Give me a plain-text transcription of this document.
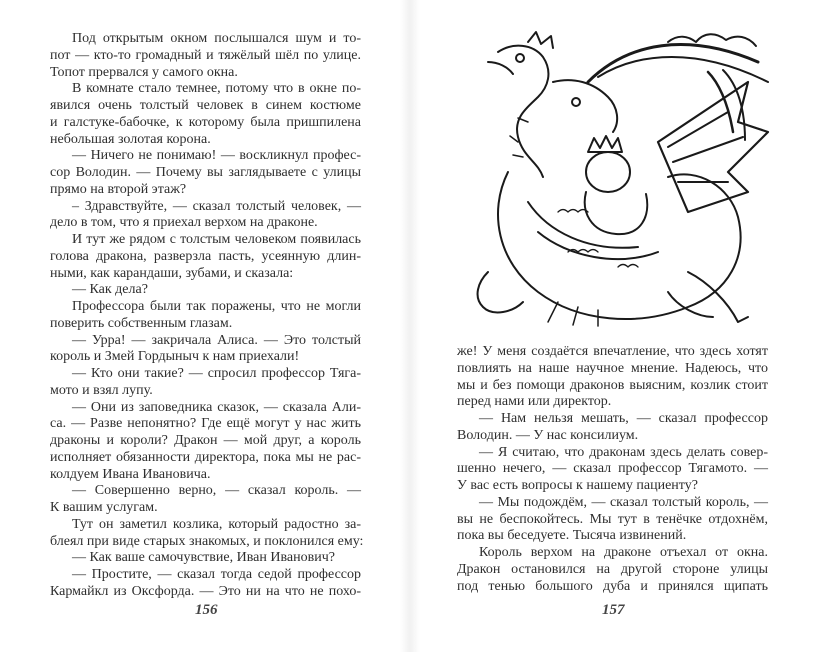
Под открытым окном послышался шум и то-
пот — кто-то громадный и тяжёлый шёл по улице.
Топот прервался у самого окна.
В комнате стало темнее, потому что в окне по-
явился очень толстый человек в синем костюме
и галстуке-бабочке, к которому была пришпилена
небольшая золотая корона.
— Ничего не понимаю! — воскликнул профес-
сор Володин. — Почему вы заглядываете с улицы
прямо на второй этаж?
– Здравствуйте, — сказал толстый человек, —
дело в том, что я приехал верхом на драконе.
И тут же рядом с толстым человеком появилась
голова дракона, разверзла пасть, усеянную длин-
ными, как карандаши, зубами, и сказала:
— Как дела?
Профессора были так поражены, что не могли
поверить собственным глазам.
— Урра! — закричала Алиса. — Это толстый
король и Змей Гордыныч к нам приехали!
— Кто они такие? — спросил профессор Тяга-
мото и взял лупу.
— Они из заповедника сказок, — сказала Али-
са. — Разве непонятно? Где ещё могут у нас жить
драконы и короли? Дракон — мой друг, а король
исполняет обязанности директора, пока мы не рас-
колдуем Ивана Ивановича.
— Совершенно верно, — сказал король. —
К вашим услугам.
Тут он заметил козлика, который радостно за-
блеял при виде старых знакомых, и поклонился ему:
— Как ваше самочувствие, Иван Иванович?
— Простите, — сказал тогда седой профессор
Кармайкл из Оксфорда. — Это ни на что не похо-
156
же! У меня создаётся впечатление, что здесь хотят
повлиять на наше научное мнение. Надеюсь, что
мы и без помощи драконов выясним, козлик стоит
перед нами или директор.
— Нам нельзя мешать, — сказал профессор
Володин. — У нас консилиум.
— Я считаю, что драконам здесь делать совер-
шенно нечего, — сказал профессор Тягамото. —
У вас есть вопросы к нашему пациенту?
— Мы подождём, — сказал толстый король, —
вы не беспокойтесь. Мы тут в тенёчке отдохнём,
пока вы беседуете. Тысяча извинений.
Король верхом на драконе отъехал от окна.
Дракон остановился на другой стороне улицы
под тенью большого дуба и принялся щипать
157
